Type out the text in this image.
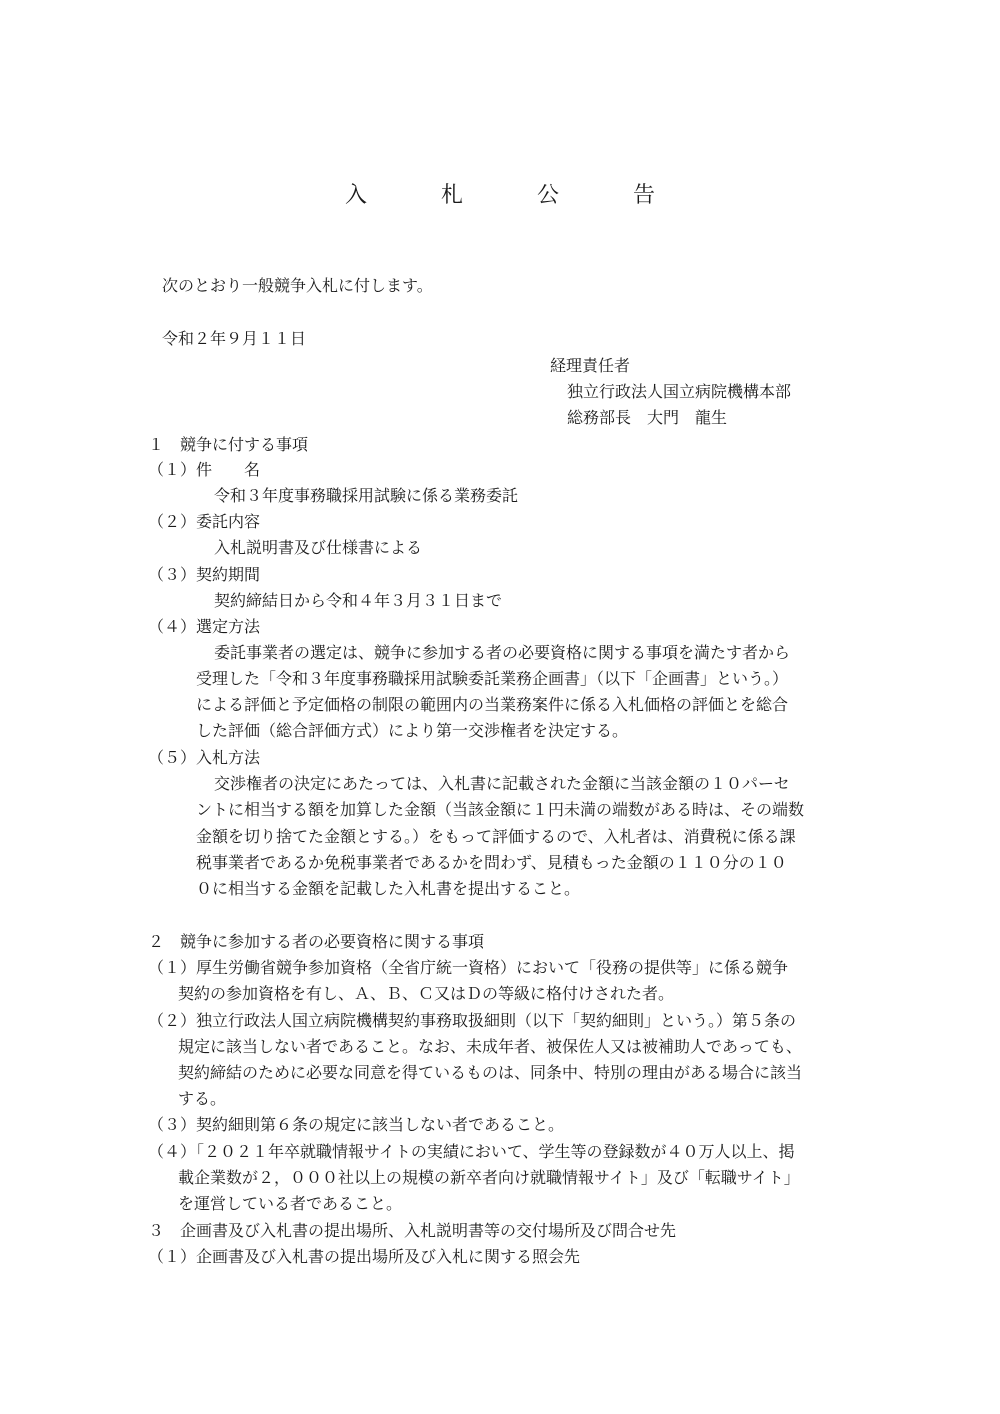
入　札　公　告
次のとおり一般競争入札に付します。
令和２年９月１１日
経理責任者
独立行政法人国立病院機構本部
総務部長　大門　龍生
１　競争に付する事項
（１）件　　名
令和３年度事務職採用試験に係る業務委託
（２）委託内容
入札説明書及び仕様書による
（３）契約期間
契約締結日から令和４年３月３１日まで
（４）選定方法
委託事業者の選定は、競争に参加する者の必要資格に関する事項を満たす者から
受理した「令和３年度事務職採用試験委託業務企画書」（以下「企画書」という。）
による評価と予定価格の制限の範囲内の当業務案件に係る入札価格の評価とを総合
した評価（総合評価方式）により第一交渉権者を決定する。
（５）入札方法
交渉権者の決定にあたっては、入札書に記載された金額に当該金額の１０パーセ
ントに相当する額を加算した金額（当該金額に１円未満の端数がある時は、その端数
金額を切り捨てた金額とする。）をもって評価するので、入札者は、消費税に係る課
税事業者であるか免税事業者であるかを問わず、見積もった金額の１１０分の１０
０に相当する金額を記載した入札書を提出すること。
２　競争に参加する者の必要資格に関する事項
（１）厚生労働省競争参加資格（全省庁統一資格）において「役務の提供等」に係る競争
契約の参加資格を有し、Ａ、Ｂ、Ｃ又はＤの等級に格付けされた者。
（２）独立行政法人国立病院機構契約事務取扱細則（以下「契約細則」という。）第５条の
規定に該当しない者であること。なお、未成年者、被保佐人又は被補助人であっても、
契約締結のために必要な同意を得ているものは、同条中、特別の理由がある場合に該当
する。
（３）契約細則第６条の規定に該当しない者であること。
（４）「２０２１年卒就職情報サイトの実績において、学生等の登録数が４０万人以上、掲
載企業数が２，０００社以上の規模の新卒者向け就職情報サイト」及び「転職サイト」
を運営している者であること。
３　企画書及び入札書の提出場所、入札説明書等の交付場所及び問合せ先
（１）企画書及び入札書の提出場所及び入札に関する照会先
